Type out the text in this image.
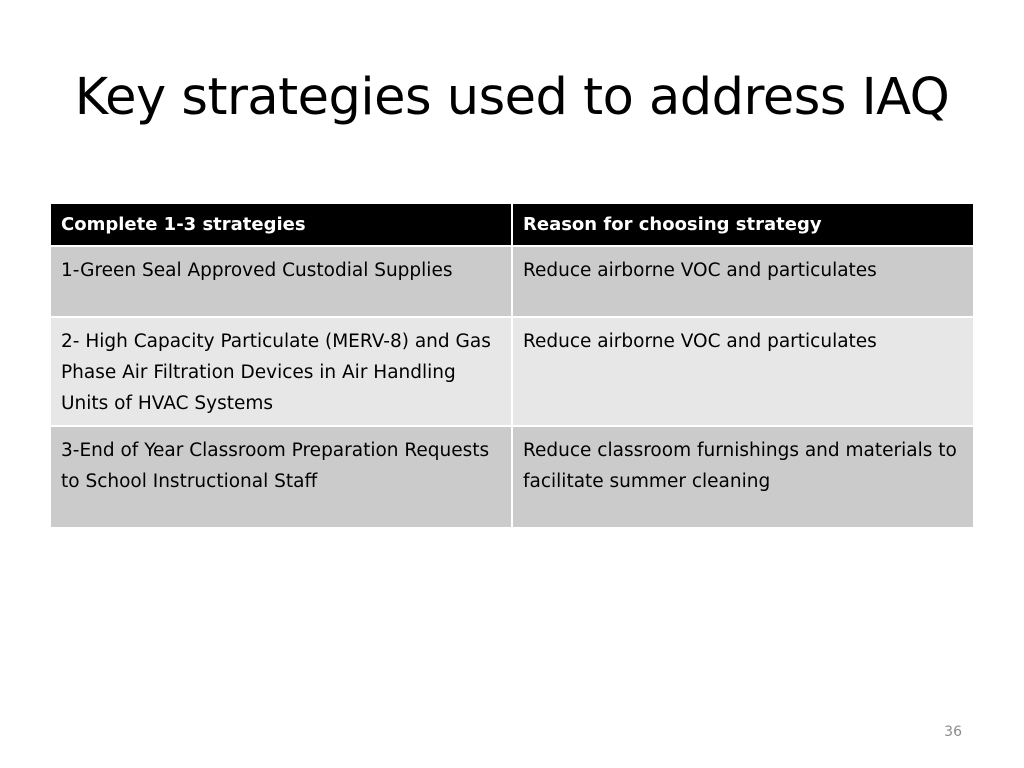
Key strategies used to address IAQ
Complete 1-3 strategies	Reason for choosing strategy
1-Green Seal Approved Custodial Supplies	Reduce airborne VOC and particulates
2- High Capacity Particulate (MERV-8) and Gas Phase Air Filtration Devices in Air Handling Units of HVAC Systems	Reduce airborne VOC and particulates
3-End of Year Classroom Preparation Requests to School Instructional Staff	Reduce classroom furnishings and materials to facilitate summer cleaning
36
